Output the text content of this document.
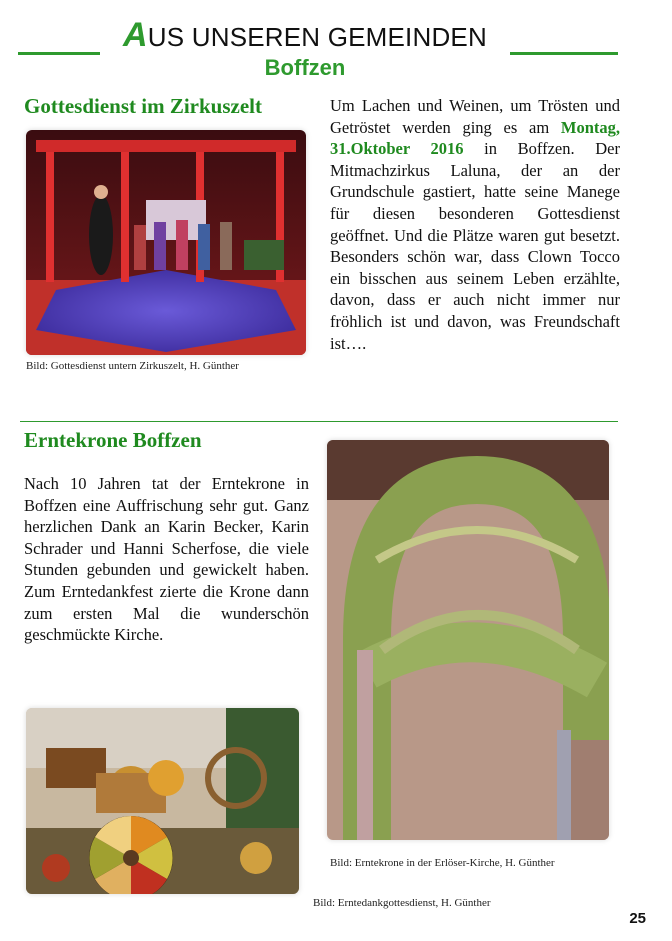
AUS UNSEREN GEMEINDEN
Boffzen
Gottesdienst im Zirkuszelt
Bild: Gottesdienst untern Zirkuszelt, H. Günther
Um Lachen und Weinen, um Trösten und Getröstet werden ging es am Montag, 31.Oktober 2016 in Boffzen. Der Mitmachzirkus Laluna, der an der Grundschule gastiert, hatte seine Manege für diesen besonderen Gottesdienst geöffnet. Und die Plätze waren gut besetzt. Besonders schön war, dass Clown Tocco ein bisschen aus seinem Leben erzählte, davon, dass er auch nicht immer nur fröhlich ist und davon, was Freundschaft ist….
Erntekrone Boffzen
Nach 10 Jahren tat der Erntekrone in Boffzen eine Auffrischung sehr gut. Ganz herzlichen Dank an Karin Becker, Karin Schrader und Hanni Scherfose, die viele Stunden gebunden und gewickelt haben. Zum Erntedankfest zierte die Krone dann zum ersten Mal die wunderschön geschmückte Kirche.
Bild: Erntekrone in der Erlöser-Kirche, H. Günther
Bild: Erntedankgottesdienst, H. Günther
25
